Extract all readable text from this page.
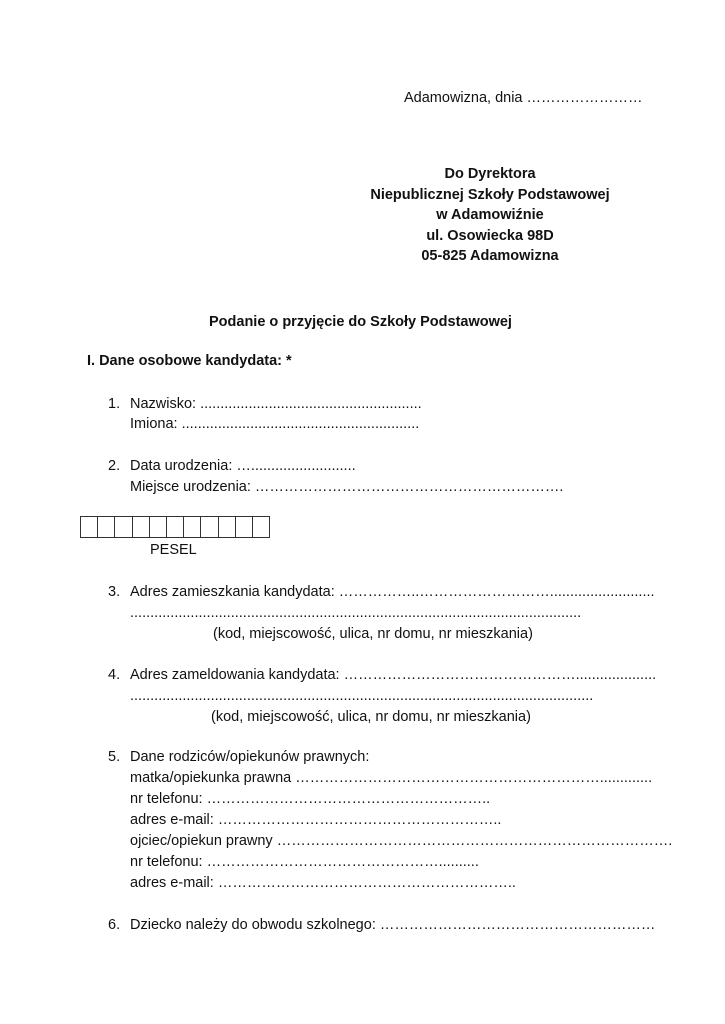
Adamowizna, dnia ……………………
Do Dyrektora
Niepublicznej Szkoły Podstawowej
w Adamowiźnie
ul. Osowiecka 98D
05-825 Adamowizna
Podanie o przyjęcie do Szkoły Podstawowej
I. Dane osobowe kandydata: *
1. Nazwisko: .......................................................
Imiona: ...........................................................
2. Data urodzenia: …..........................
Miejsce urodzenia: ……………………………………………………….
PESEL
3. Adres zamieszkania kandydata: ……………..………………………..........................
................................................................................................................
(kod, miejscowość, ulica, nr domu, nr mieszkania)
4. Adres zameldowania kandydata: …………………………………………....................
...................................................................................................................
(kod, miejscowość, ulica, nr domu, nr mieszkania)
5. Dane rodziców/opiekunów prawnych:
matka/opiekunka prawna ……………………………………………………….............
nr telefonu: …………………………………………………..
adres e-mail: …………………………………………………..
ojciec/opiekun prawny ……………………………………………………………………….
nr telefonu: …………………………………………..........
adres e-mail: ……………………………………………………..
6. Dziecko należy do obwodu szkolnego: …………………………………………………
